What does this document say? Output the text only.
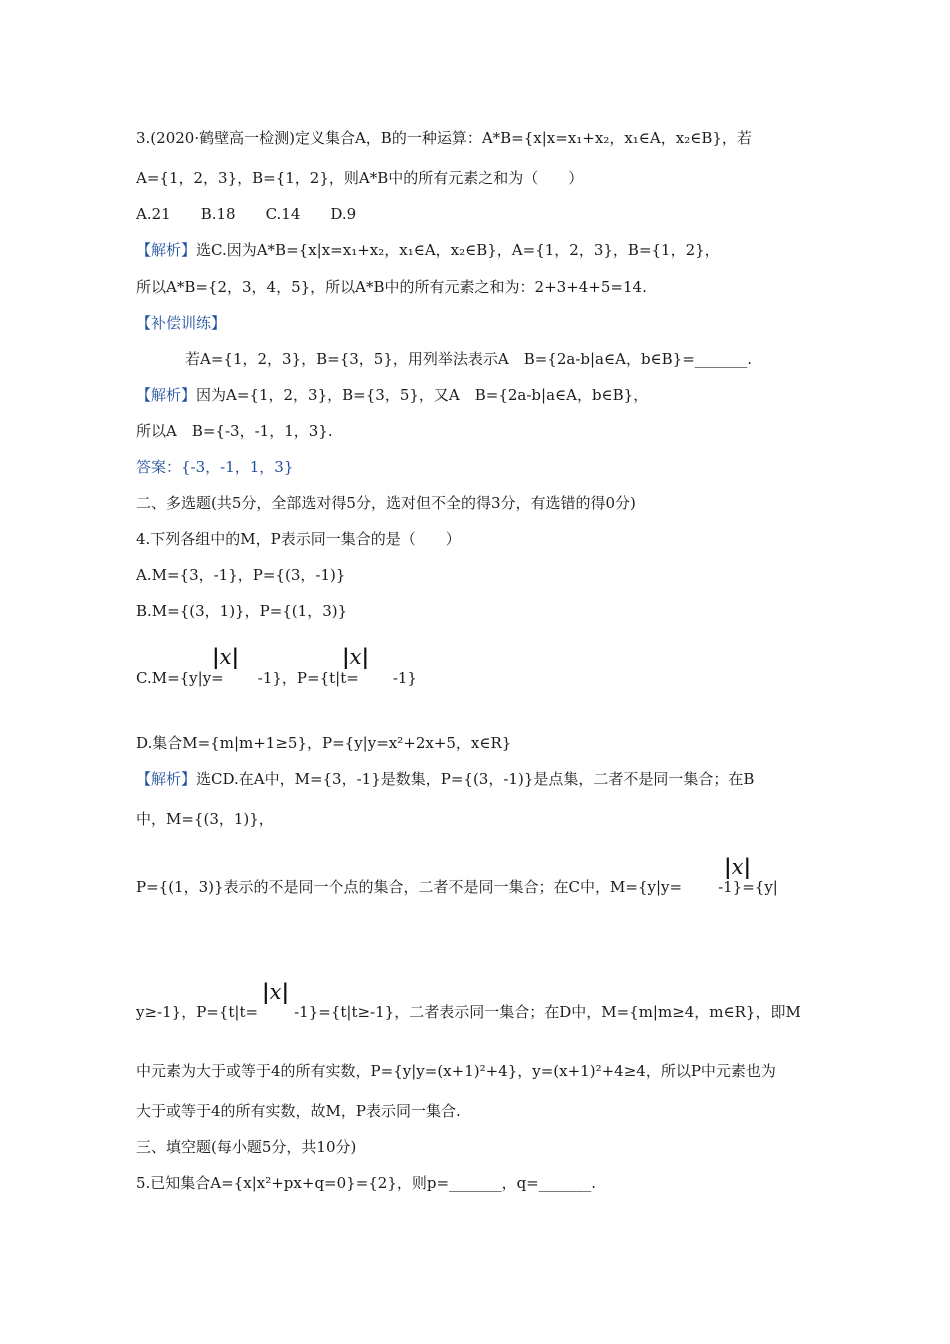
3.(2020·鹤壁高一检测)定义集合A，B的一种运算：A*B={x|x=x₁+x₂，x₁∈A，x₂∈B}，若
A={1，2，3}，B={1，2}，则A*B中的所有元素之和为（　　）
A.21　　B.18　　C.14　　D.9
【解析】选C.因为A*B={x|x=x₁+x₂，x₁∈A，x₂∈B}，A={1，2，3}，B={1，2}，
所以A*B={2，3，4，5}，所以A*B中的所有元素之和为：2+3+4+5=14.
【补偿训练】
若A={1，2，3}，B={3，5}，用列举法表示A　B={2a-b|a∈A，b∈B}=_______.
【解析】因为A={1，2，3}，B={3，5}，又A　B={2a-b|a∈A，b∈B}，
所以A　B={-3，-1，1，3}.
答案：{-3，-1，1，3}
二、多选题(共5分，全部选对得5分，选对但不全的得3分，有选错的得0分)
4.下列各组中的M，P表示同一集合的是（　　）
A.M={3，-1}，P={(3，-1)}
B.M={(3，1)}，P={(1，3)}
C.M={y|y= -1}，P={t|t= -1}
|x|	|x|
D.集合M={m|m+1≥5}，P={y|y=x²+2x+5，x∈R}
【解析】选CD.在A中，M={3，-1}是数集，P={(3，-1)}是点集，二者不是同一集合；在B
中，M={(3，1)}，
P={(1，3)}表示的不是同一个点的集合，二者不是同一集合；在C中，M={y|y= -1}={y|
|x|
y≥-1}，P={t|t= -1}={t|t≥-1}，二者表示同一集合；在D中，M={m|m≥4，m∈R}，即M
|x|
中元素为大于或等于4的所有实数，P={y|y=(x+1)²+4}，y=(x+1)²+4≥4，所以P中元素也为
大于或等于4的所有实数，故M，P表示同一集合.
三、填空题(每小题5分，共10分)
5.已知集合A={x|x²+px+q=0}={2}，则p=_______，q=_______.
